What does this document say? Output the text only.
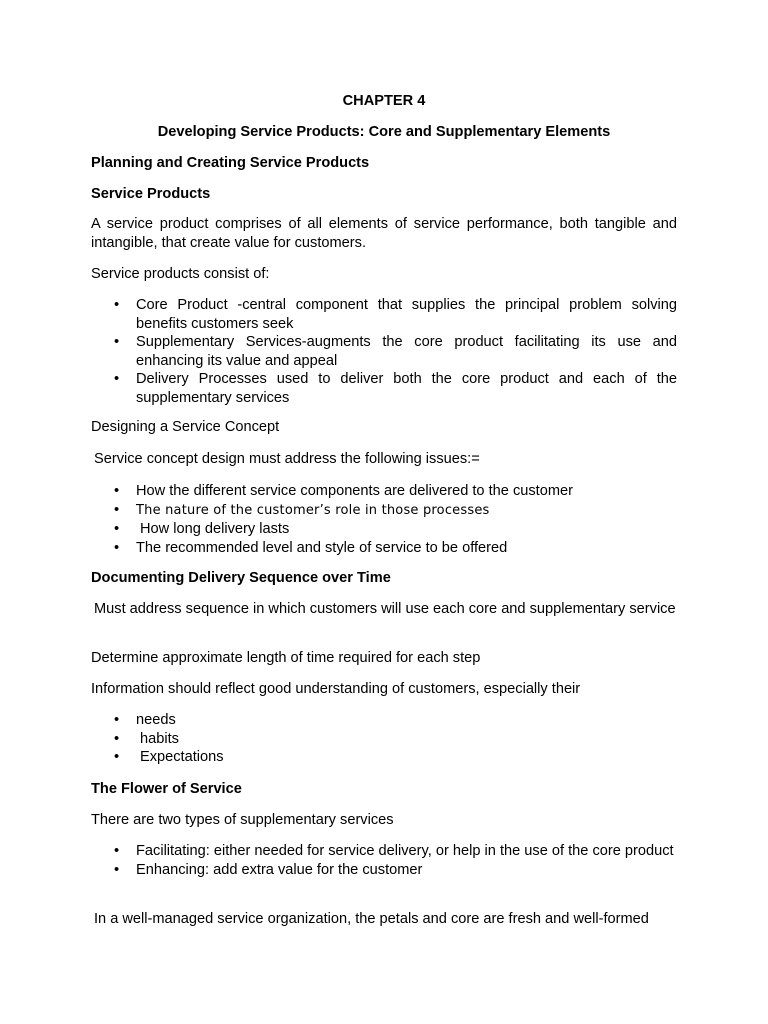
CHAPTER 4

Developing Service Products: Core and Supplementary Elements

Planning and Creating Service Products

Service Products

A service product comprises of all elements of service performance, both tangible and intangible, that create value for customers.

Service products consist of:

• Core Product -central component that supplies the principal problem solving benefits customers seek
• Supplementary Services-augments the core product facilitating its use and enhancing its value and appeal
• Delivery Processes used to deliver both the core product and each of the supplementary services

Designing a Service Concept

Service concept design must address the following issues:=

• How the different service components are delivered to the customer
• The nature of the customer’s role in those processes
• How long delivery lasts
• The recommended level and style of service to be offered

Documenting Delivery Sequence over Time

Must address sequence in which customers will use each core and supplementary service

Determine approximate length of time required for each step

Information should reflect good understanding of customers, especially their

• needs
• habits
• Expectations

The Flower of Service

There are two types of supplementary services

• Facilitating: either needed for service delivery, or help in the use of the core product
• Enhancing: add extra value for the customer

In a well-managed service organization, the petals and core are fresh and well-formed
